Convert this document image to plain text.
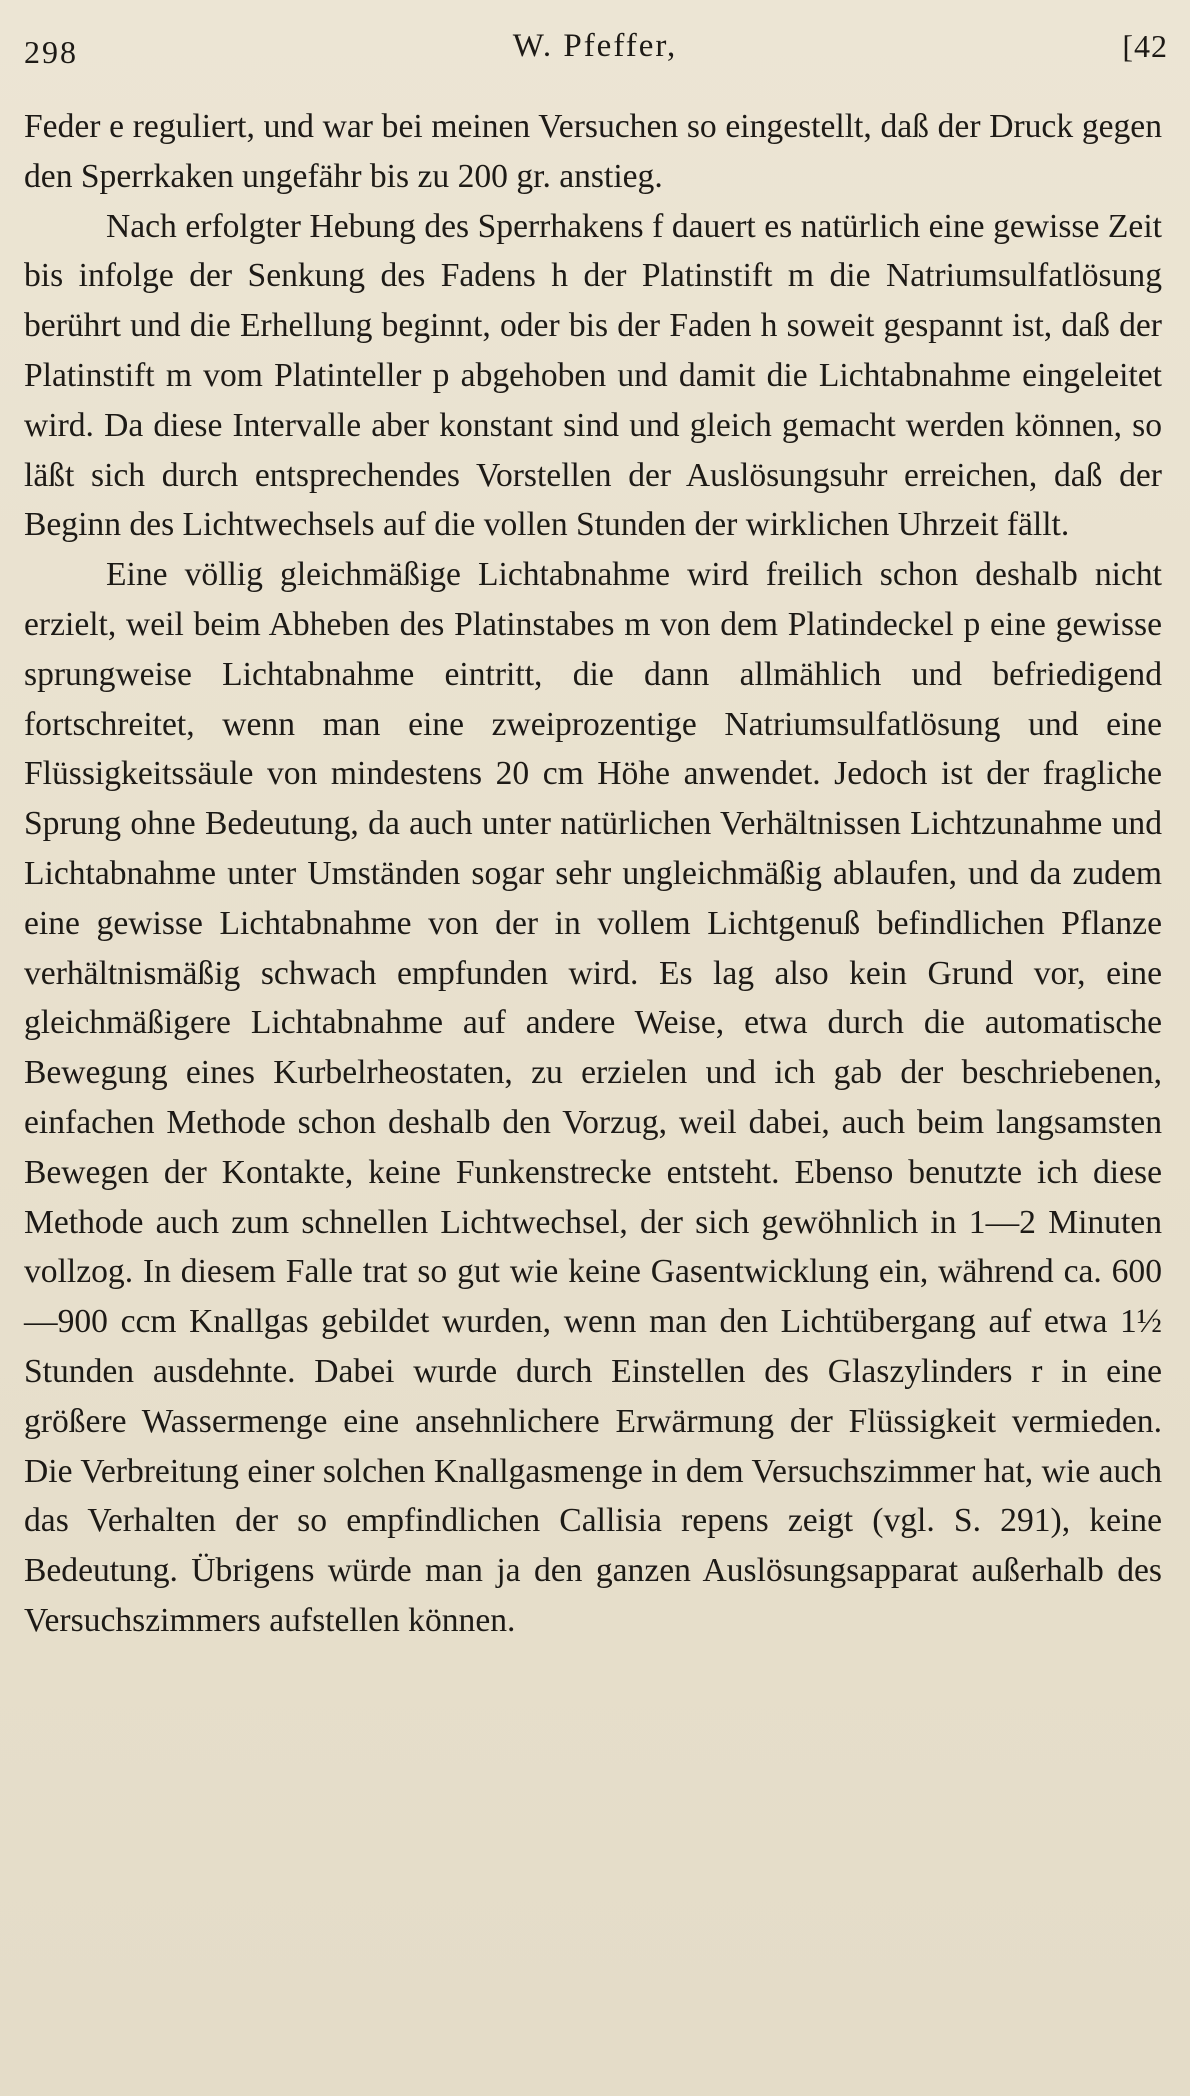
298	W. Pfeffer,	[42

Feder e reguliert, und war bei meinen Versuchen so eingestellt, daß der Druck gegen den Sperrkaken ungefähr bis zu 200 gr. anstieg.

Nach erfolgter Hebung des Sperrhakens f dauert es natürlich eine gewisse Zeit bis infolge der Senkung des Fadens h der Platinstift m die Natriumsulfatlösung berührt und die Erhellung beginnt, oder bis der Faden h soweit gespannt ist, daß der Platinstift m vom Platinteller p abgehoben und damit die Lichtabnahme eingeleitet wird. Da diese Intervalle aber konstant sind und gleich gemacht werden können, so läßt sich durch entsprechendes Vorstellen der Auslösungsuhr erreichen, daß der Beginn des Lichtwechsels auf die vollen Stunden der wirklichen Uhrzeit fällt.

Eine völlig gleichmäßige Lichtabnahme wird freilich schon deshalb nicht erzielt, weil beim Abheben des Platinstabes m von dem Platindeckel p eine gewisse sprungweise Lichtabnahme eintritt, die dann allmählich und befriedigend fortschreitet, wenn man eine zweiprozentige Natriumsulfatlösung und eine Flüssigkeitssäule von mindestens 20 cm Höhe anwendet. Jedoch ist der fragliche Sprung ohne Bedeutung, da auch unter natürlichen Verhältnissen Lichtzunahme und Lichtabnahme unter Umständen sogar sehr ungleichmäßig ablaufen, und da zudem eine gewisse Lichtabnahme von der in vollem Lichtgenuß befindlichen Pflanze verhältnismäßig schwach empfunden wird. Es lag also kein Grund vor, eine gleichmäßigere Lichtabnahme auf andere Weise, etwa durch die automatische Bewegung eines Kurbelrheostaten, zu erzielen und ich gab der beschriebenen, einfachen Methode schon deshalb den Vorzug, weil dabei, auch beim langsamsten Bewegen der Kontakte, keine Funkenstrecke entsteht. Ebenso benutzte ich diese Methode auch zum schnellen Lichtwechsel, der sich gewöhnlich in 1—2 Minuten vollzog. In diesem Falle trat so gut wie keine Gasentwicklung ein, während ca. 600—900 ccm Knallgas gebildet wurden, wenn man den Lichtübergang auf etwa 1½ Stunden ausdehnte. Dabei wurde durch Einstellen des Glaszylinders r in eine größere Wassermenge eine ansehnlichere Erwärmung der Flüssigkeit vermieden. Die Verbreitung einer solchen Knallgasmenge in dem Versuchszimmer hat, wie auch das Verhalten der so empfindlichen Callisia repens zeigt (vgl. S. 291), keine Bedeutung. Übrigens würde man ja den ganzen Auslösungsapparat außerhalb des Versuchszimmers aufstellen können.
